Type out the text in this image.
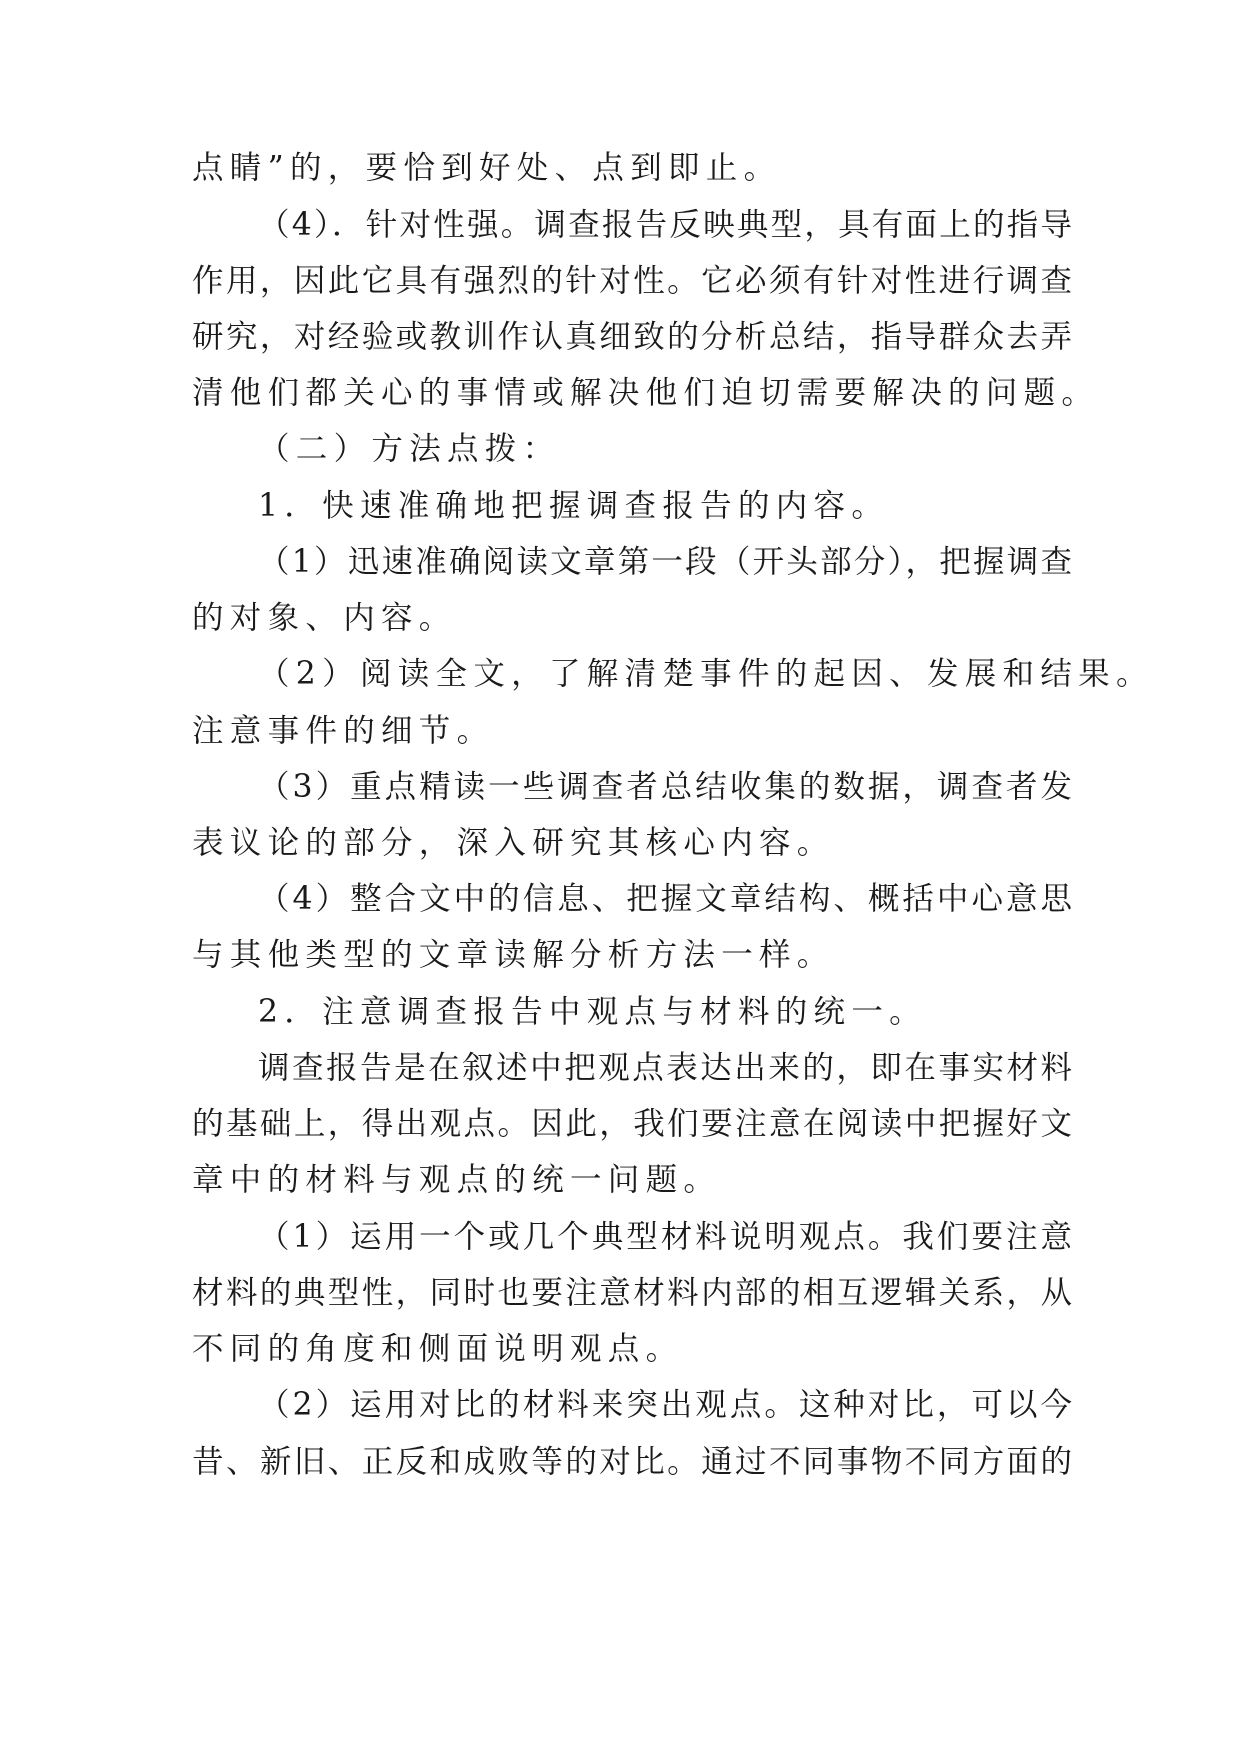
点睛”的，要恰到好处、点到即止。
（4）．针对性强。调查报告反映典型，具有面上的指导
作用，因此它具有强烈的针对性。它必须有针对性进行调查
研究，对经验或教训作认真细致的分析总结，指导群众去弄
清他们都关心的事情或解决他们迫切需要解决的问题。
（二）方法点拨：
1．快速准确地把握调查报告的内容。
（1）迅速准确阅读文章第一段（开头部分），把握调查
的对象、内容。
（2）阅读全文，了解清楚事件的起因、发展和结果。
注意事件的细节。
（3）重点精读一些调查者总结收集的数据，调查者发
表议论的部分，深入研究其核心内容。
（4）整合文中的信息、把握文章结构、概括中心意思
与其他类型的文章读解分析方法一样。
2．注意调查报告中观点与材料的统一。
调查报告是在叙述中把观点表达出来的，即在事实材料
的基础上，得出观点。因此，我们要注意在阅读中把握好文
章中的材料与观点的统一问题。
（1）运用一个或几个典型材料说明观点。我们要注意
材料的典型性，同时也要注意材料内部的相互逻辑关系，从
不同的角度和侧面说明观点。
（2）运用对比的材料来突出观点。这种对比，可以今
昔、新旧、正反和成败等的对比。通过不同事物不同方面的
